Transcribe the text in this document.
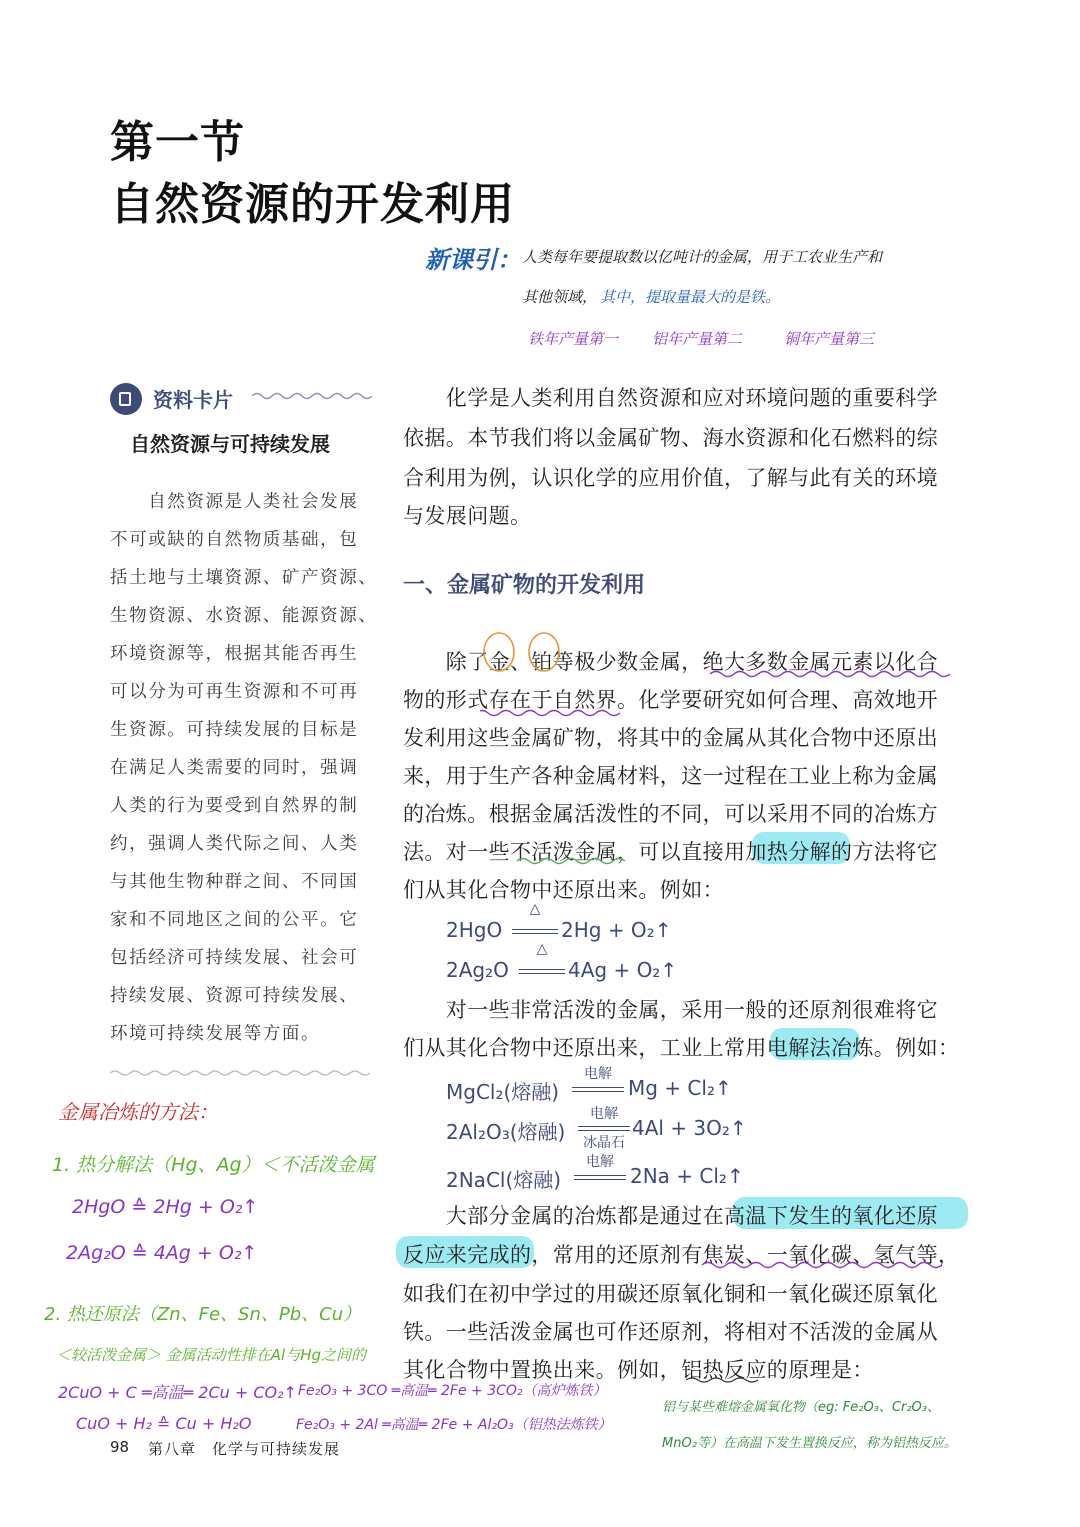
第一节
自然资源的开发利用
新课引： 人类每年要提取数以亿吨计的金属，用于工农业生产和
其他领域， 其中，提取量最大的是铁。
铁年产量第一 铝年产量第二	铜年产量第三
资料卡片
自然资源与可持续发展
　　自然资源是人类社会发展
不可或缺的自然物质基础，包
括土地与土壤资源、矿产资源、
生物资源、水资源、能源资源、
环境资源等，根据其能否再生
可以分为可再生资源和不可再
生资源。可持续发展的目标是
在满足人类需要的同时，强调
人类的行为要受到自然界的制
约，强调人类代际之间、人类
与其他生物种群之间、不同国
家和不同地区之间的公平。它
包括经济可持续发展、社会可
持续发展、资源可持续发展、
环境可持续发展等方面。
　　化学是人类利用自然资源和应对环境问题的重要科学
依据。本节我们将以金属矿物、海水资源和化石燃料的综
合利用为例，认识化学的应用价值，了解与此有关的环境
与发展问题。
一、金属矿物的开发利用
　　除了金、铂等极少数金属，绝大多数金属元素以化合
物的形式存在于自然界。化学要研究如何合理、高效地开
发利用这些金属矿物，将其中的金属从其化合物中还原出
来，用于生产各种金属材料，这一过程在工业上称为金属
的冶炼。根据金属活泼性的不同，可以采用不同的冶炼方
法。对一些不活泼金属，可以直接用加热分解的方法将它
们从其化合物中还原出来。例如：
2HgO
△
2Hg + O₂↑
2Ag₂O
△
4Ag + O₂↑
　　对一些非常活泼的金属，采用一般的还原剂很难将它
们从其化合物中还原出来，工业上常用电解法冶炼。例如：
MgCl₂(熔融)
电解
Mg + Cl₂↑
2Al₂O₃(熔融)
电解
冰晶石
4Al + 3O₂↑
2NaCl(熔融)
电解
2Na + Cl₂↑
　　大部分金属的冶炼都是通过在高温下发生的氧化还原
反应来完成的，常用的还原剂有焦炭、一氧化碳、氢气等，
如我们在初中学过的用碳还原氧化铜和一氧化碳还原氧化
铁。一些活泼金属也可作还原剂，将相对不活泼的金属从
其化合物中置换出来。例如，铝热反应的原理是：
金属冶炼的方法：
1. 热分解法（Hg、Ag）＜不活泼金属
2HgO ≙ 2Hg + O₂↑
2Ag₂O ≙ 4Ag + O₂↑
2. 热还原法（Zn、Fe、Sn、Pb、Cu）
＜较活泼金属＞ 金属活动性排在Al与Hg之间的
2CuO + C ═高温═ 2Cu + CO₂↑ Fe₂O₃ + 3CO ═高温═ 2Fe + 3CO₂（高炉炼铁）
CuO + H₂ ≙ Cu + H₂O	Fe₂O₃ + 2Al ═高温═ 2Fe + Al₂O₃（铝热法炼铁）
铝与某些难熔金属氧化物（eg: Fe₂O₃、Cr₂O₃、
MnO₂等）在高温下发生置换反应，称为铝热反应。
98 第八章　化学与可持续发展
